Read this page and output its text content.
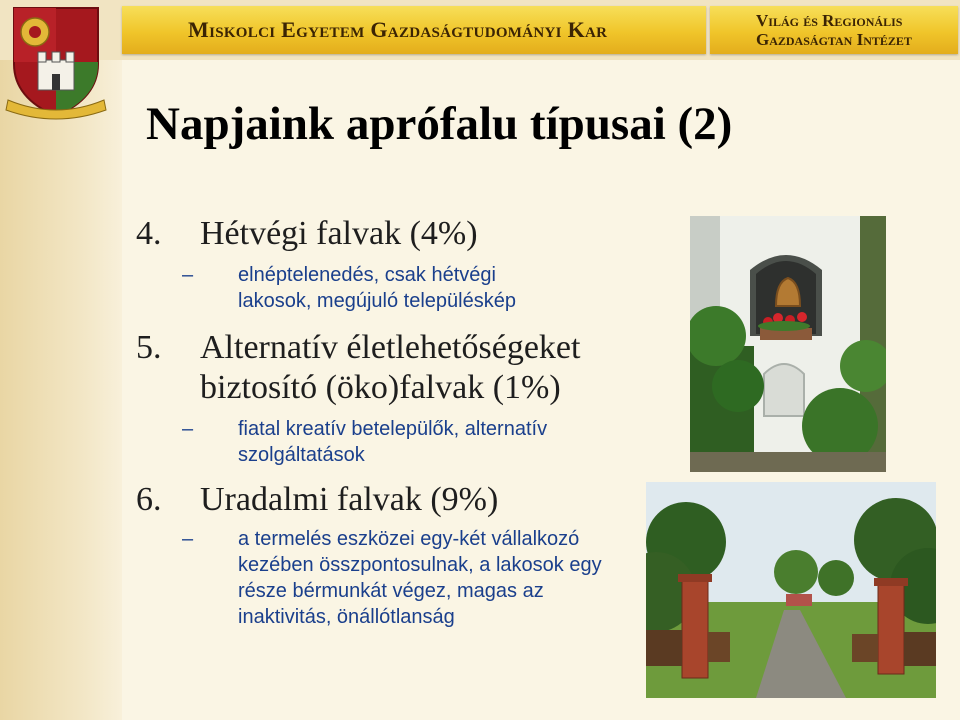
Miskolci Egyetem Gazdaságtudományi Kar	Világ és Regionális
Gazdaságtan Intézet
Napjaink aprófalu típusai (2)
4. Hétvégi falvak (4%)
– elnéptelenedés, csak hétvégi
lakosok, megújuló településkép
5. Alternatív életlehetőségeket
biztosító (öko)falvak (1%)
– fiatal kreatív betelepülők, alternatív
szolgáltatások
6. Uradalmi falvak (9%)
– a termelés eszközei egy-két vállalkozó
kezében összpontosulnak, a lakosok egy
része bérmunkát végez, magas az
inaktivitás, önállótlanság
